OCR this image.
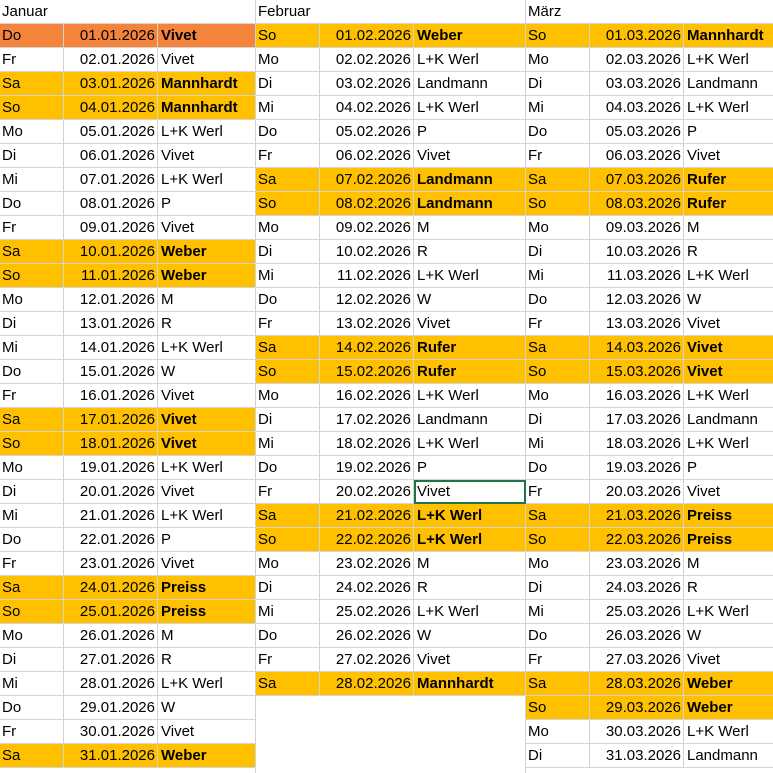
Januar
Do	01.01.2026 Vivet
Fr	02.01.2026 Vivet
Sa	03.01.2026 Mannhardt
So	04.01.2026 Mannhardt
Mo	05.01.2026 L+K Werl
Di	06.01.2026 Vivet
Mi	07.01.2026 L+K Werl
Do	08.01.2026 P
Fr	09.01.2026 Vivet
Sa	10.01.2026 Weber
So	11.01.2026 Weber
Mo	12.01.2026 M
Di	13.01.2026 R
Mi	14.01.2026 L+K Werl
Do	15.01.2026 W
Fr	16.01.2026 Vivet
Sa	17.01.2026 Vivet
So	18.01.2026 Vivet
Mo	19.01.2026 L+K Werl
Di	20.01.2026 Vivet
Mi	21.01.2026 L+K Werl
Do	22.01.2026 P
Fr	23.01.2026 Vivet
Sa	24.01.2026 Preiss
So	25.01.2026 Preiss
Mo	26.01.2026 M
Di	27.01.2026 R
Mi	28.01.2026 L+K Werl
Do	29.01.2026 W
Fr	30.01.2026 Vivet
Sa	31.01.2026 Weber
Februar
So	01.02.2026 Weber
Mo	02.02.2026 L+K Werl
Di	03.02.2026 Landmann
Mi	04.02.2026 L+K Werl
Do	05.02.2026 P
Fr	06.02.2026 Vivet
Sa	07.02.2026 Landmann
So	08.02.2026 Landmann
Mo	09.02.2026 M
Di	10.02.2026 R
Mi	11.02.2026 L+K Werl
Do	12.02.2026 W
Fr	13.02.2026 Vivet
Sa	14.02.2026 Rufer
So	15.02.2026 Rufer
Mo	16.02.2026 L+K Werl
Di	17.02.2026 Landmann
Mi	18.02.2026 L+K Werl
Do	19.02.2026 P
Fr	20.02.2026 Vivet
Sa	21.02.2026 L+K Werl
So	22.02.2026 L+K Werl
Mo	23.02.2026 M
Di	24.02.2026 R
Mi	25.02.2026 L+K Werl
Do	26.02.2026 W
Fr	27.02.2026 Vivet
Sa	28.02.2026 Mannhardt
März
So	01.03.2026 Mannhardt
Mo	02.03.2026 L+K Werl
Di	03.03.2026 Landmann
Mi	04.03.2026 L+K Werl
Do	05.03.2026 P
Fr	06.03.2026 Vivet
Sa	07.03.2026 Rufer
So	08.03.2026 Rufer
Mo	09.03.2026 M
Di	10.03.2026 R
Mi	11.03.2026 L+K Werl
Do	12.03.2026 W
Fr	13.03.2026 Vivet
Sa	14.03.2026 Vivet
So	15.03.2026 Vivet
Mo	16.03.2026 L+K Werl
Di	17.03.2026 Landmann
Mi	18.03.2026 L+K Werl
Do	19.03.2026 P
Fr	20.03.2026 Vivet
Sa	21.03.2026 Preiss
So	22.03.2026 Preiss
Mo	23.03.2026 M
Di	24.03.2026 R
Mi	25.03.2026 L+K Werl
Do	26.03.2026 W
Fr	27.03.2026 Vivet
Sa	28.03.2026 Weber
So	29.03.2026 Weber
Mo	30.03.2026 L+K Werl
Di	31.03.2026 Landmann
